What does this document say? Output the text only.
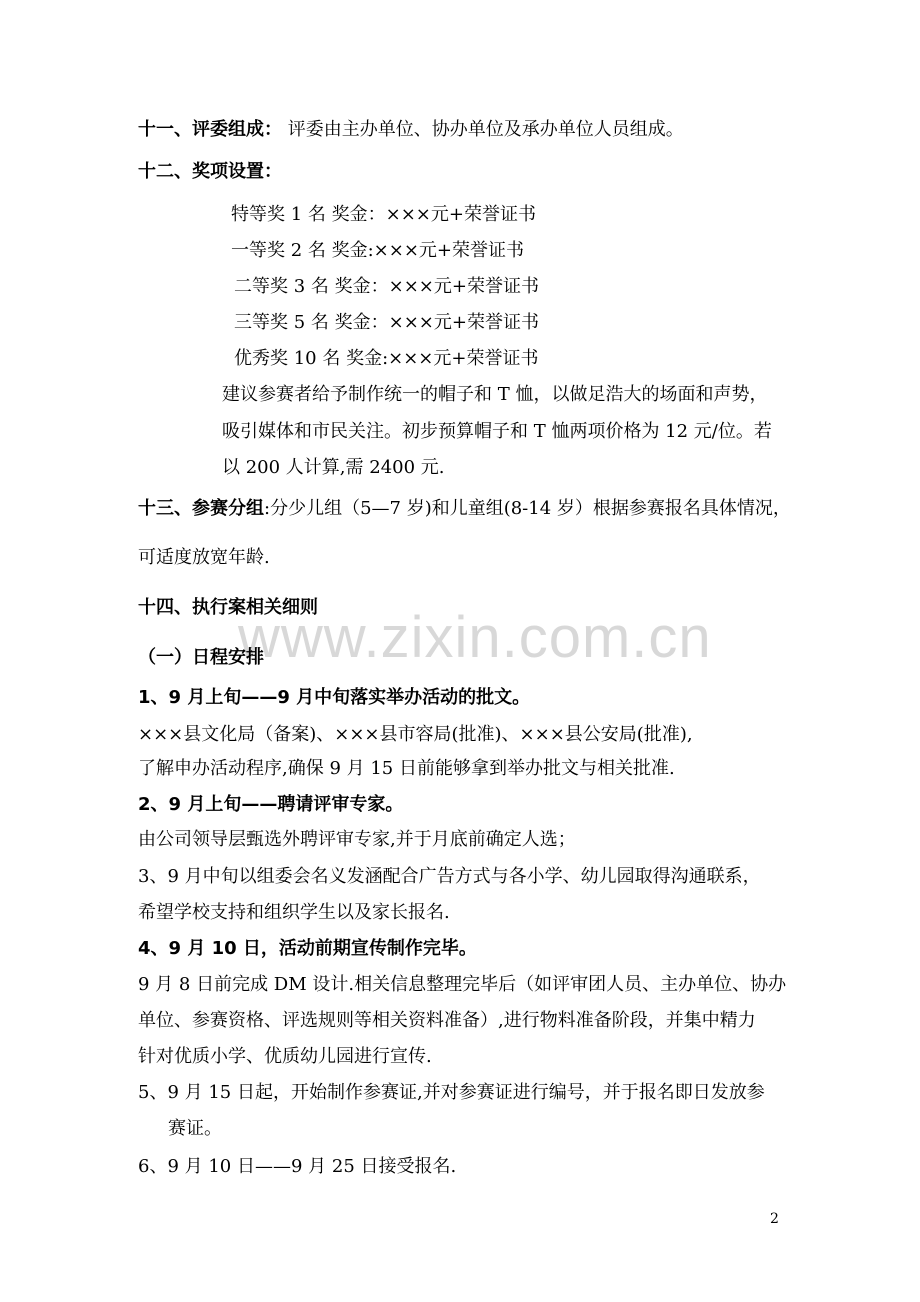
www.zixin.com.cn
十一、评委组成： 评委由主办单位、协办单位及承办单位人员组成。
十二、奖项设置：
特等奖 1 名 奖金：×××元+荣誉证书
一等奖 2 名 奖金:×××元+荣誉证书
二等奖 3 名 奖金：×××元+荣誉证书
三等奖 5 名 奖金：×××元+荣誉证书
优秀奖 10 名 奖金:×××元+荣誉证书
建议参赛者给予制作统一的帽子和 T 恤，以做足浩大的场面和声势，
吸引媒体和市民关注。初步预算帽子和 T 恤两项价格为 12 元/位。若
以 200 人计算,需 2400 元.
十三、参赛分组:分少儿组（5—7 岁)和儿童组(8-14 岁）根据参赛报名具体情况，
可适度放宽年龄.
十四、执行案相关细则
（一）日程安排
1、9 月上旬——9 月中旬落实举办活动的批文。
×××县文化局（备案)、×××县市容局(批准)、×××县公安局(批准),
了解申办活动程序,确保 9 月 15 日前能够拿到举办批文与相关批准.
2、9 月上旬——聘请评审专家。
由公司领导层甄选外聘评审专家,并于月底前确定人选；
3、9 月中旬以组委会名义发涵配合广告方式与各小学、幼儿园取得沟通联系，
希望学校支持和组织学生以及家长报名.
4、9 月 10 日，活动前期宣传制作完毕。
9 月 8 日前完成 DM 设计.相关信息整理完毕后（如评审团人员、主办单位、协办
单位、参赛资格、评选规则等相关资料准备）,进行物料准备阶段，并集中精力
针对优质小学、优质幼儿园进行宣传.
5、9 月 15 日起，开始制作参赛证,并对参赛证进行编号，并于报名即日发放参
赛证。
6、9 月 10 日——9 月 25 日接受报名.
2
